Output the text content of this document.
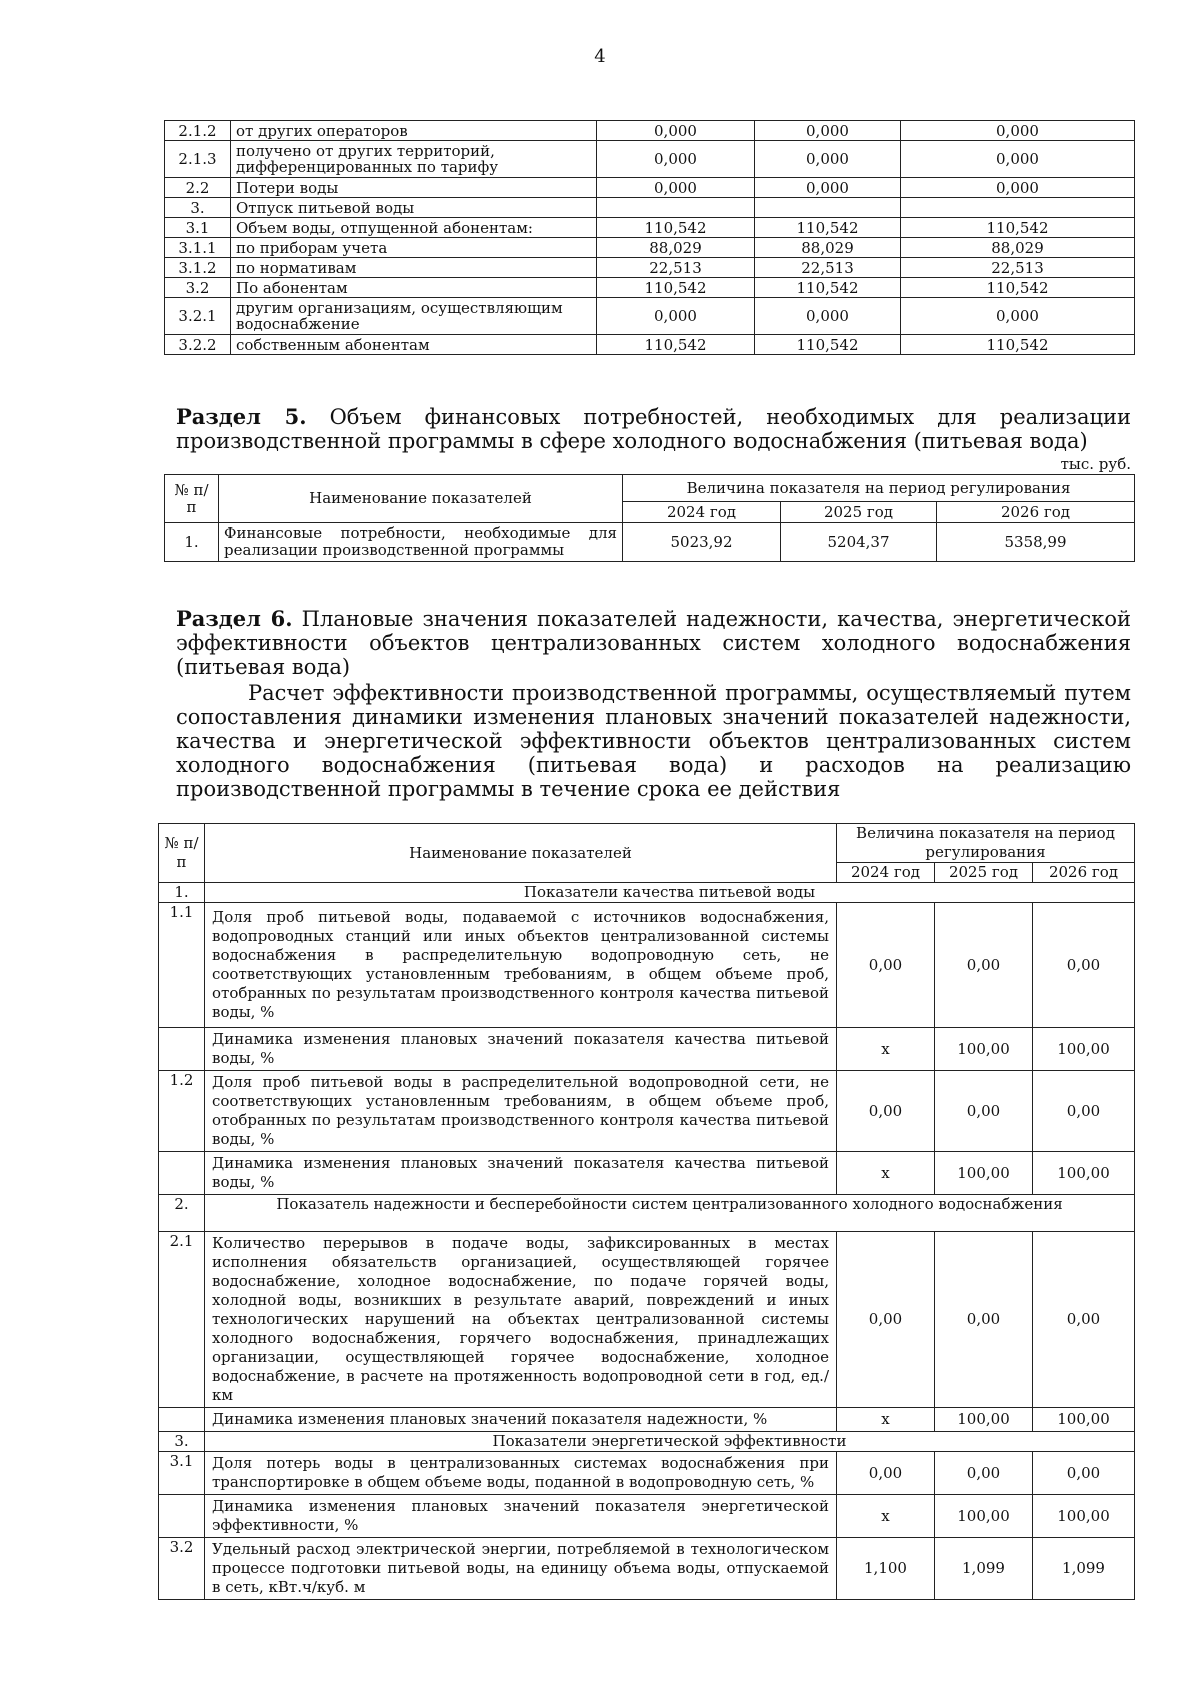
4
2.1.2	от других операторов	0,000	0,000	0,000
2.1.3	получено от других территорий, дифференцированных по тарифу	0,000	0,000	0,000
2.2	Потери воды	0,000	0,000	0,000
3.	Отпуск питьевой воды			
3.1	Объем воды, отпущенной абонентам:	110,542	110,542	110,542
3.1.1	по приборам учета	88,029	88,029	88,029
3.1.2	по нормативам	22,513	22,513	22,513
3.2	По абонентам	110,542	110,542	110,542
3.2.1	другим организациям, осуществляющим водоснабжение	0,000	0,000	0,000
3.2.2	собственным абонентам	110,542	110,542	110,542
Раздел 5. Объем финансовых потребностей, необходимых для реализации производственной программы в сфере холодного водоснабжения (питьевая вода)
тыс. руб.
№ п/п	Наименование показателей	Величина показателя на период регулирования		
		2024 год	2025 год	2026 год
1.	Финансовые потребности, необходимые для реализации производственной программы	5023,92	5204,37	5358,99
Раздел 6. Плановые значения показателей надежности, качества, энергетической эффективности объектов централизованных систем холодного водоснабжения (питьевая вода)
Расчет эффективности производственной программы, осуществляемый путем сопоставления динамики изменения плановых значений показателей надежности, качества и энергетической эффективности объектов централизованных систем холодного водоснабжения (питьевая вода) и расходов на реализацию производственной программы в течение срока ее действия
№ п/п	Наименование показателей	Величина показателя на период регулирования		
		2024 год	2025 год	2026 год
1.	Показатели качества питьевой воды			
1.1	Доля проб питьевой воды, подаваемой с источников водоснабжения, водопроводных станций или иных объектов централизованной системы водоснабжения в распределительную водопроводную сеть, не соответствующих установленным требованиям, в общем объеме проб, отобранных по результатам производственного контроля качества питьевой воды, %	0,00	0,00	0,00
	Динамика изменения плановых значений показателя качества питьевой воды, %	х	100,00	100,00
1.2	Доля проб питьевой воды в распределительной водопроводной сети, не соответствующих установленным требованиям, в общем объеме проб, отобранных по результатам производственного контроля качества питьевой воды, %	0,00	0,00	0,00
	Динамика изменения плановых значений показателя качества питьевой воды, %	х	100,00	100,00
2.	Показатель надежности и бесперебойности систем централизованного холодного водоснабжения			
2.1	Количество перерывов в подаче воды, зафиксированных в местах исполнения обязательств организацией, осуществляющей горячее водоснабжение, холодное водоснабжение, по подаче горячей воды, холодной воды, возникших в результате аварий, повреждений и иных технологических нарушений на объектах централизованной системы холодного водоснабжения, горячего водоснабжения, принадлежащих организации, осуществляющей горячее водоснабжение, холодное водоснабжение, в расчете на протяженность водопроводной сети в год, ед./ км	0,00	0,00	0,00
	Динамика изменения плановых значений показателя надежности, %	х	100,00	100,00
3.	Показатели энергетической эффективности			
3.1	Доля потерь воды в централизованных системах водоснабжения при транспортировке в общем объеме воды, поданной в водопроводную сеть, %	0,00	0,00	0,00
	Динамика изменения плановых значений показателя энергетической эффективности, %	х	100,00	100,00
3.2	Удельный расход электрической энергии, потребляемой в технологическом процессе подготовки питьевой воды, на единицу объема воды, отпускаемой в сеть, кВт.ч/куб. м	1,100	1,099	1,099
